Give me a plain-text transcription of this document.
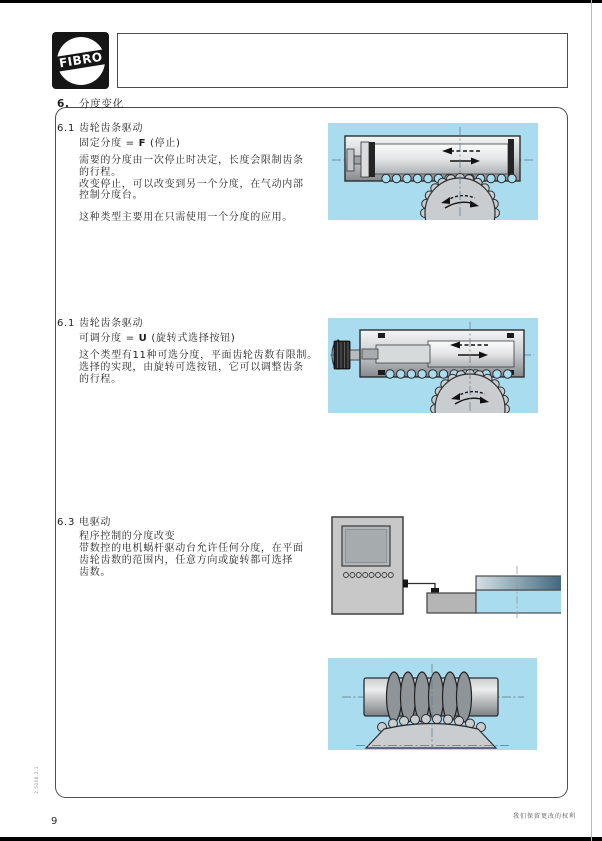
FIBRO
6. 分度变化
6.1 齿轮齿条驱动
固定分度 = F (停止)
需要的分度由一次停止时决定，长度会限制齿条
的行程。
改变停止，可以改变到另一个分度，在气动内部
控制分度台。
这种类型主要用在只需使用一个分度的应用。
6.1 齿轮齿条驱动
可调分度 = U (旋转式选择按钮)
这个类型有11种可选分度，平面齿轮齿数有限制。
选择的实现，由旋转可选按钮，它可以调整齿条
的行程。
6.3 电驱动
程序控制的分度改变
带数控的电机蜗杆驱动台允许任何分度，在平面
齿轮齿数的范围内，任意方向或旋转都可选择
齿数。
2.5008.2.1
9	我们保留更改的权利
